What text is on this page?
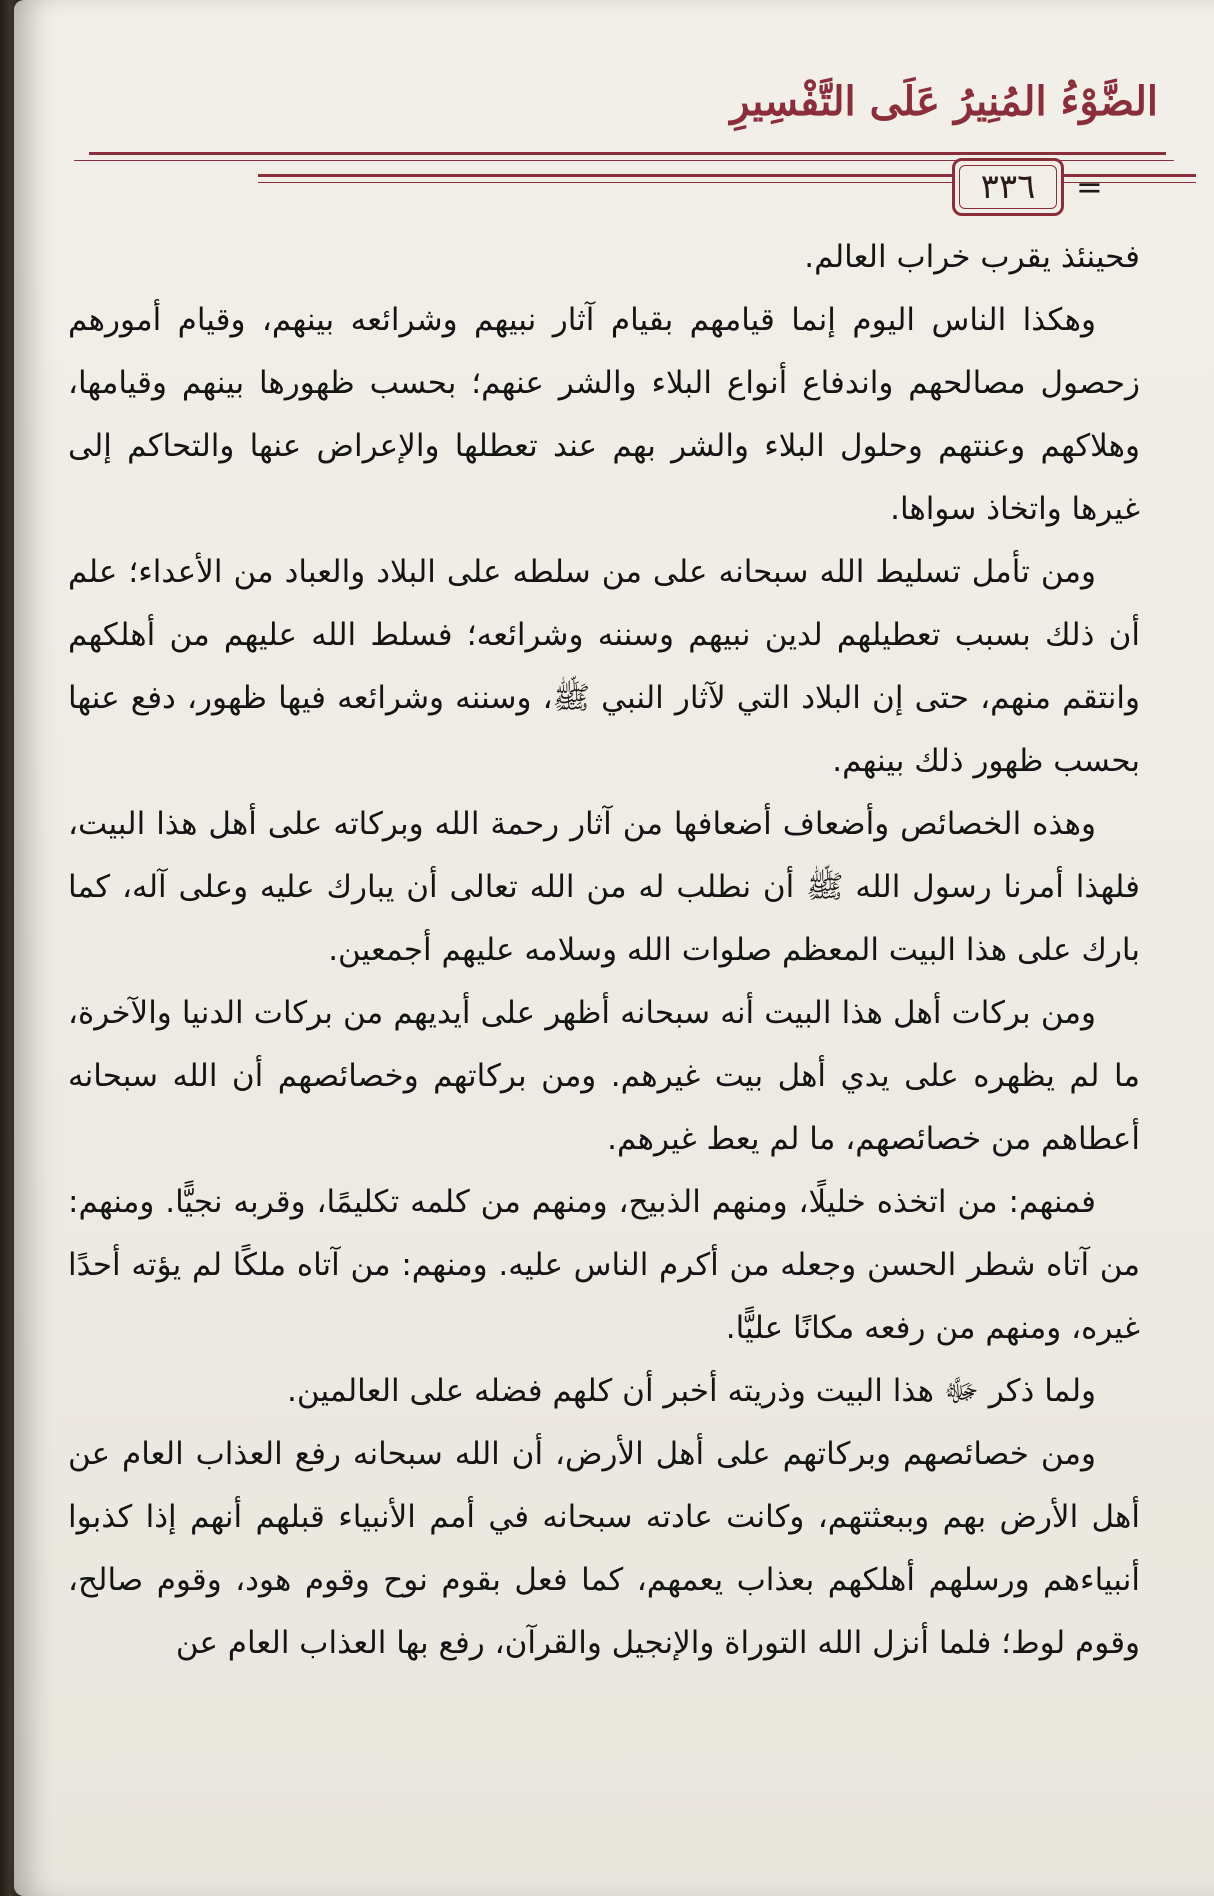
الضَّوْءُ المُنِيرُ عَلَى التَّفْسِيرِ
٣٣٦	=

فحينئذ يقرب خراب العالم.

وهكذا الناس اليوم إنما قيامهم بقيام آثار نبيهم وشرائعه بينهم، وقيام أمورهم زحصول مصالحهم واندفاع أنواع البلاء والشر عنهم؛ بحسب ظهورها بينهم وقيامها، وهلاكهم وعنتهم وحلول البلاء والشر بهم عند تعطلها والإعراض عنها والتحاكم إلى غيرها واتخاذ سواها.

ومن تأمل تسليط الله سبحانه على من سلطه على البلاد والعباد من الأعداء؛ علم أن ذلك بسبب تعطيلهم لدين نبيهم وسننه وشرائعه؛ فسلط الله عليهم من أهلكهم وانتقم منهم، حتى إن البلاد التي لآثار النبي ﷺ، وسننه وشرائعه فيها ظهور، دفع عنها بحسب ظهور ذلك بينهم.

وهذه الخصائص وأضعاف أضعافها من آثار رحمة الله وبركاته على أهل هذا البيت، فلهذا أمرنا رسول الله ﷺ أن نطلب له من الله تعالى أن يبارك عليه وعلى آله، كما بارك على هذا البيت المعظم صلوات الله وسلامه عليهم أجمعين.

ومن بركات أهل هذا البيت أنه سبحانه أظهر على أيديهم من بركات الدنيا والآخرة، ما لم يظهره على يدي أهل بيت غيرهم. ومن بركاتهم وخصائصهم أن الله سبحانه أعطاهم من خصائصهم، ما لم يعط غيرهم.

فمنهم: من اتخذه خليلًا، ومنهم الذبيح، ومنهم من كلمه تكليمًا، وقربه نجيًّا. ومنهم: من آتاه شطر الحسن وجعله من أكرم الناس عليه. ومنهم: من آتاه ملكًا لم يؤته أحدًا غيره، ومنهم من رفعه مكانًا عليًّا.

ولما ذكر ﷻ هذا البيت وذريته أخبر أن كلهم فضله على العالمين.

ومن خصائصهم وبركاتهم على أهل الأرض، أن الله سبحانه رفع العذاب العام عن أهل الأرض بهم وببعثتهم، وكانت عادته سبحانه في أمم الأنبياء قبلهم أنهم إذا كذبوا أنبياءهم ورسلهم أهلكهم بعذاب يعمهم، كما فعل بقوم نوح وقوم هود، وقوم صالح، وقوم لوط؛ فلما أنزل الله التوراة والإنجيل والقرآن، رفع بها العذاب العام عن
